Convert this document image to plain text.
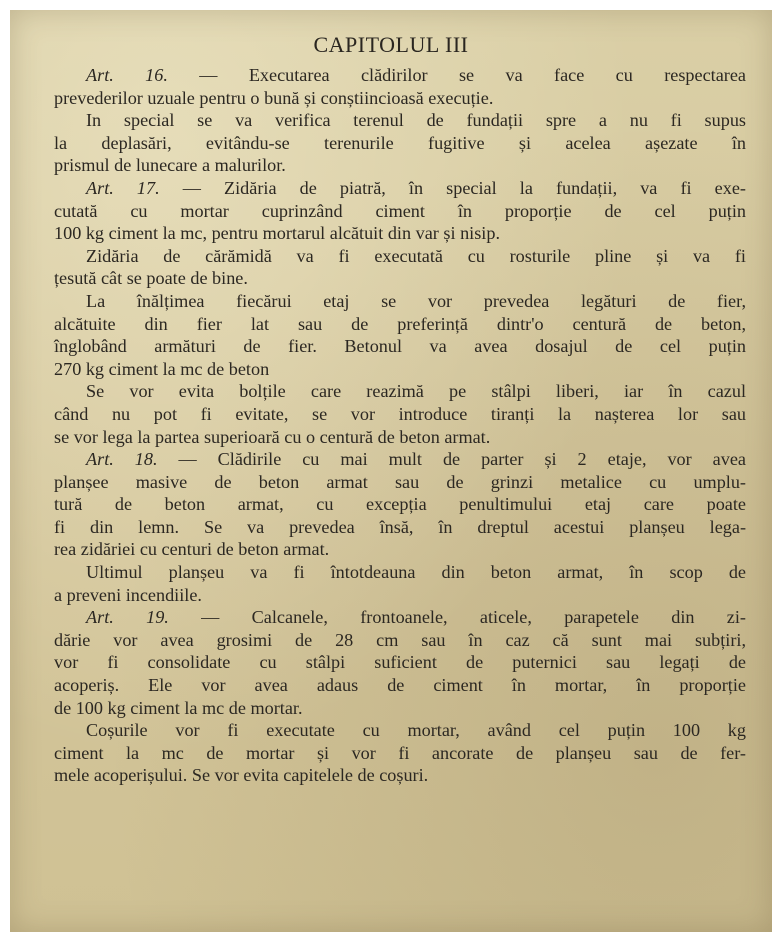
CAPITOLUL III
Art. 16. — Executarea clădirilor se va face cu respectarea
prevederilor uzuale pentru o bună și conștiincioasă execuție.
In special se va verifica terenul de fundații spre a nu fi supus
la deplasări, evitându-se terenurile fugitive și acelea așezate în
prismul de lunecare a malurilor.
Art. 17. — Zidăria de piatră, în special la fundații, va fi exe-
cutată cu mortar cuprinzând ciment în proporție de cel puțin
100 kg ciment la mc, pentru mortarul alcătuit din var și nisip.
Zidăria de cărămidă va fi executată cu rosturile pline și va fi
țesută cât se poate de bine.
La înălțimea fiecărui etaj se vor prevedea legături de fier,
alcătuite din fier lat sau de preferință dintr'o centură de beton,
înglobând armături de fier. Betonul va avea dosajul de cel puțin
270 kg ciment la mc de beton
Se vor evita bolțile care reazimă pe stâlpi liberi, iar în cazul
când nu pot fi evitate, se vor introduce tiranți la nașterea lor sau
se vor lega la partea superioară cu o centură de beton armat.
Art. 18. — Clădirile cu mai mult de parter și 2 etaje, vor avea
planșee masive de beton armat sau de grinzi metalice cu umplu-
tură de beton armat, cu excepția penultimului etaj care poate
fi din lemn. Se va prevedea însă, în dreptul acestui planșeu lega-
rea zidăriei cu centuri de beton armat.
Ultimul planșeu va fi întotdeauna din beton armat, în scop de
a preveni incendiile.
Art. 19. — Calcanele, frontoanele, aticele, parapetele din zi-
dărie vor avea grosimi de 28 cm sau în caz că sunt mai subțiri,
vor fi consolidate cu stâlpi suficient de puternici sau legați de
acoperiș. Ele vor avea adaus de ciment în mortar, în proporție
de 100 kg ciment la mc de mortar.
Coșurile vor fi executate cu mortar, având cel puțin 100 kg
ciment la mc de mortar și vor fi ancorate de planșeu sau de fer-
mele acoperișului. Se vor evita capitelele de coșuri.
